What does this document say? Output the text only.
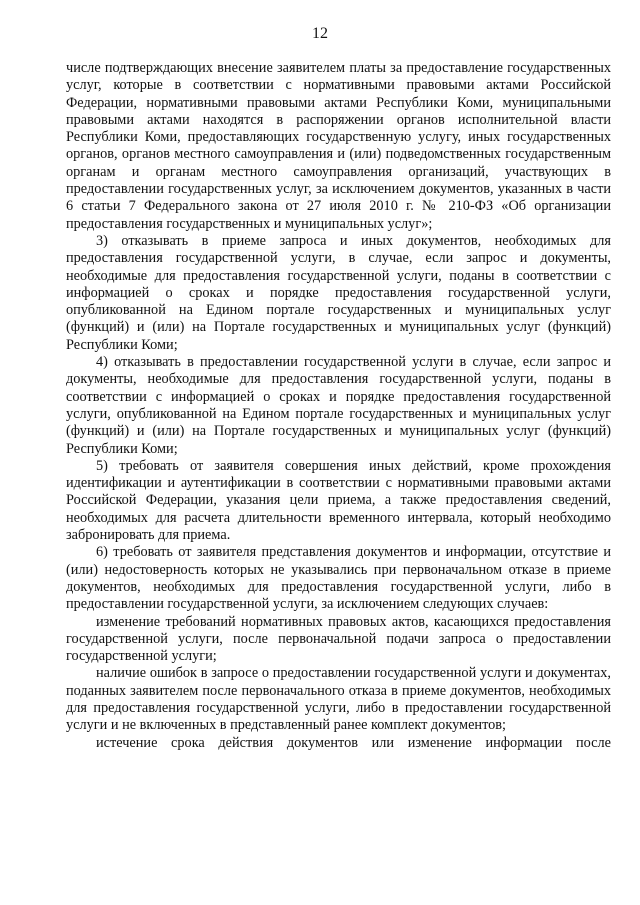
12

числе подтверждающих внесение заявителем платы за предоставление государственных услуг, которые в соответствии с нормативными правовыми актами Российской Федерации, нормативными правовыми актами Республики Коми, муниципальными правовыми актами находятся в распоряжении органов исполнительной власти Республики Коми, предоставляющих государственную услугу, иных государственных органов, органов местного самоуправления и (или) подведомственных государственным органам и органам местного самоуправления организаций, участвующих в предоставлении государственных услуг, за исключением документов, указанных в части 6 статьи 7 Федерального закона от 27 июля 2010 г. № 210-ФЗ «Об организации предоставления государственных и муниципальных услуг»;

3) отказывать в приеме запроса и иных документов, необходимых для предоставления государственной услуги, в случае, если запрос и документы, необходимые для предоставления государственной услуги, поданы в соответствии с информацией о сроках и порядке предоставления государственной услуги, опубликованной на Едином портале государственных и муниципальных услуг (функций) и (или) на Портале государственных и муниципальных услуг (функций) Республики Коми;

4) отказывать в предоставлении государственной услуги в случае, если запрос и документы, необходимые для предоставления государственной услуги, поданы в соответствии с информацией о сроках и порядке предоставления государственной услуги, опубликованной на Едином портале государственных и муниципальных услуг (функций) и (или) на Портале государственных и муниципальных услуг (функций) Республики Коми;

5) требовать от заявителя совершения иных действий, кроме прохождения идентификации и аутентификации в соответствии с нормативными правовыми актами Российской Федерации, указания цели приема, а также предоставления сведений, необходимых для расчета длительности временного интервала, который необходимо забронировать для приема.

6) требовать от заявителя представления документов и информации, отсутствие и (или) недостоверность которых не указывались при первоначальном отказе в приеме документов, необходимых для предоставления государственной услуги, либо в предоставлении государственной услуги, за исключением следующих случаев:

изменение требований нормативных правовых актов, касающихся предоставления государственной услуги, после первоначальной подачи запроса о предоставлении государственной услуги;

наличие ошибок в запросе о предоставлении государственной услуги и документах, поданных заявителем после первоначального отказа в приеме документов, необходимых для предоставления государственной услуги, либо в предоставлении государственной услуги и не включенных в представленный ранее комплект документов;

истечение срока действия документов или изменение информации после
